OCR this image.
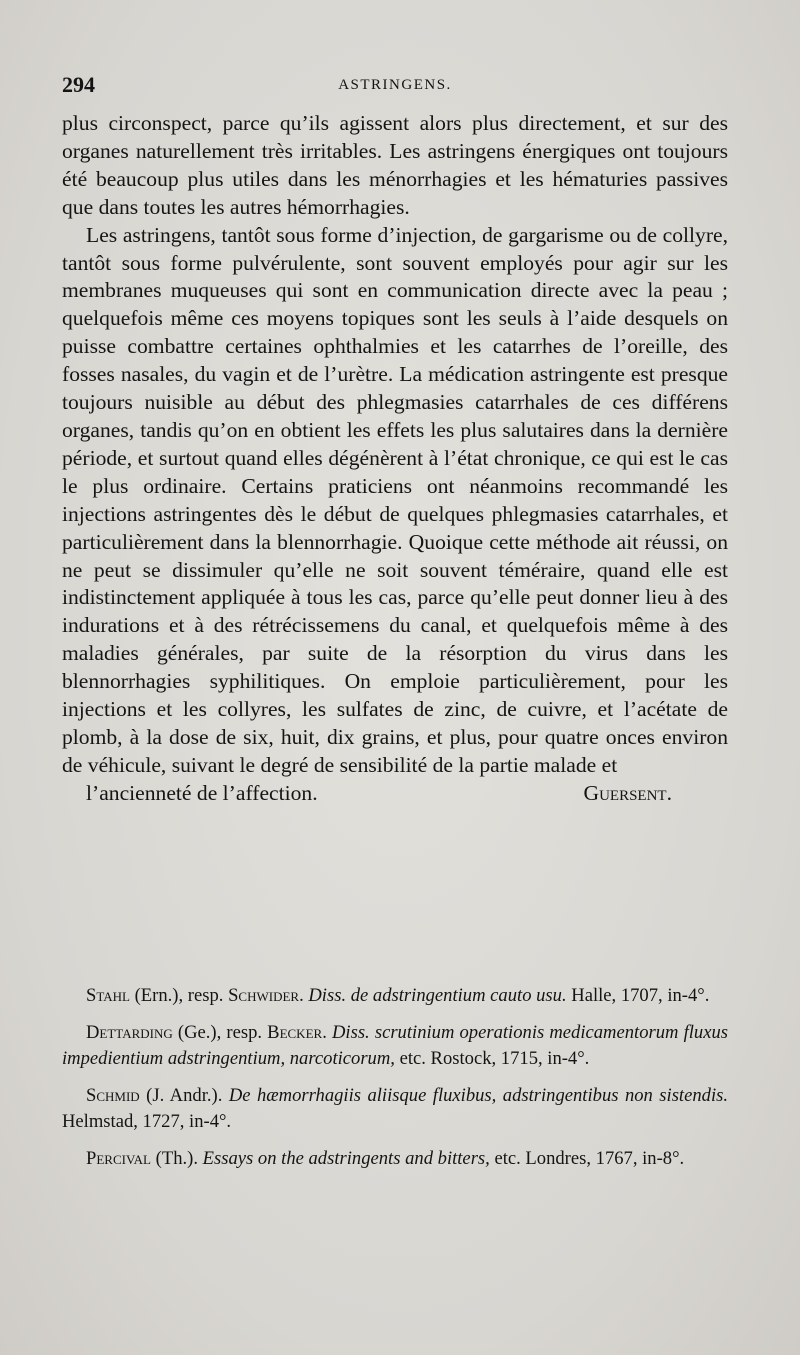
294	ASTRINGENS.

plus circonspect, parce qu’ils agissent alors plus directement, et sur des organes naturellement très irritables. Les astringens énergiques ont toujours été beaucoup plus utiles dans les ménorrhagies et les hématuries passives que dans toutes les autres hémorrhagies.

Les astringens, tantôt sous forme d’injection, de gargarisme ou de collyre, tantôt sous forme pulvérulente, sont souvent employés pour agir sur les membranes muqueuses qui sont en communication directe avec la peau ; quelquefois même ces moyens topiques sont les seuls à l’aide desquels on puisse combattre certaines ophthalmies et les catarrhes de l’oreille, des fosses nasales, du vagin et de l’urètre. La médication astringente est presque toujours nuisible au début des phlegmasies catarrhales de ces différens organes, tandis qu’on en obtient les effets les plus salutaires dans la dernière période, et surtout quand elles dégénèrent à l’état chronique, ce qui est le cas le plus ordinaire. Certains praticiens ont néanmoins recommandé les injections astringentes dès le début de quelques phlegmasies catarrhales, et particulièrement dans la blennorrhagie. Quoique cette méthode ait réussi, on ne peut se dissimuler qu’elle ne soit souvent téméraire, quand elle est indistinctement appliquée à tous les cas, parce qu’elle peut donner lieu à des indurations et à des rétrécissemens du canal, et quelquefois même à des maladies générales, par suite de la résorption du virus dans les blennorrhagies syphilitiques. On emploie particulièrement, pour les injections et les collyres, les sulfates de zinc, de cuivre, et l’acétate de plomb, à la dose de six, huit, dix grains, et plus, pour quatre onces environ de véhicule, suivant le degré de sensibilité de la partie malade et

l’ancienneté de l’affection.	Guersent.

Stahl (Ern.), resp. Schwider. Diss. de adstringentium cauto usu. Halle, 1707, in-4°.

Dettarding (Ge.), resp. Becker. Diss. scrutinium operationis medicamentorum fluxus impedientium adstringentium, narcoticorum, etc. Rostock, 1715, in-4°.

Schmid (J. Andr.). De hæmorrhagiis aliisque fluxibus, adstringentibus non sistendis. Helmstad, 1727, in-4°.

Percival (Th.). Essays on the adstringents and bitters, etc. Londres, 1767, in-8°.
